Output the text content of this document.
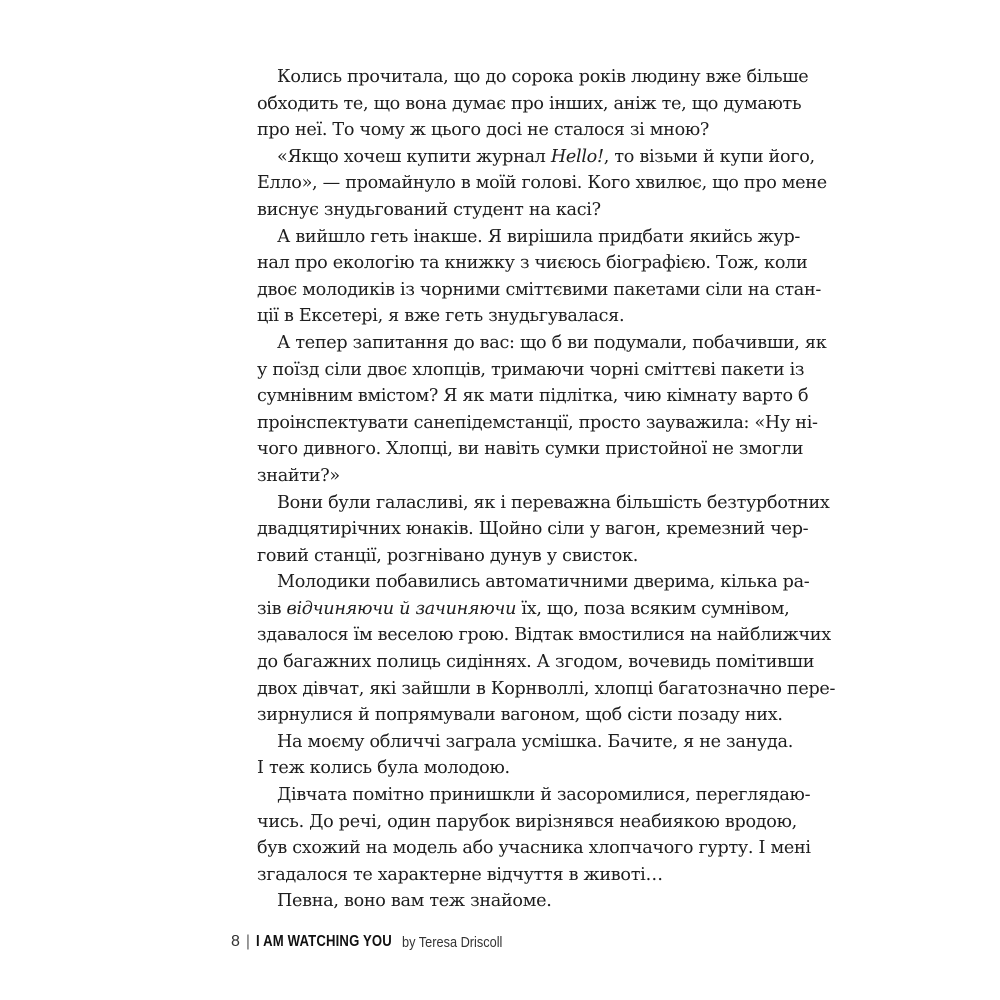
Колись прочитала, що до сорока років людину вже більше
обходить те, що вона думає про інших, аніж те, що думають
про неї. То чому ж цього досі не сталося зі мною?
«Якщо хочеш купити журнал Hello!, то візьми й купи його,
Елло», — промайнуло в моїй голові. Кого хвилює, що про мене
виснує знудьгований студент на касі?
А вийшло геть інакше. Я вирішила придбати якийсь жур-
нал про екологію та книжку з чиєюсь біографією. Тож, коли
двоє молодиків із чорними сміттєвими пакетами сіли на стан-
ції в Ексетері, я вже геть знудьгувалася.
А тепер запитання до вас: що б ви подумали, побачивши, як
у поїзд сіли двоє хлопців, тримаючи чорні сміттєві пакети із
сумнівним вмістом? Я як мати підлітка, чию кімнату варто б
проінспектувати санепідемстанції, просто зауважила: «Ну ні-
чого дивного. Хлопці, ви навіть сумки пристойної не змогли
знайти?»
Вони були галасливі, як і переважна більшість безтурботних
двадцятирічних юнаків. Щойно сіли у вагон, кремезний чер-
говий станції, розгнівано дунув у свисток.
Молодики побавились автоматичними дверима, кілька ра-
зів відчиняючи й зачиняючи їх, що, поза всяким сумнівом,
здавалося їм веселою грою. Відтак вмостилися на найближчих
до багажних полиць сидіннях. А згодом, вочевидь помітивши
двох дівчат, які зайшли в Корнволлі, хлопці багатозначно пере-
зирнулися й попрямували вагоном, щоб сісти позаду них.
На моєму обличчі заграла усмішка. Бачите, я не зануда.
І теж колись була молодою.
Дівчата помітно принишкли й засоромилися, переглядаю-
чись. До речі, один парубок вирізнявся неабиякою вродою,
був схожий на модель або учасника хлопчачого гурту. І мені
згадалося те характерне відчуття в животі…
Певна, воно вам теж знайоме.
8 | I AM WATCHING YOU by Teresa Driscoll
